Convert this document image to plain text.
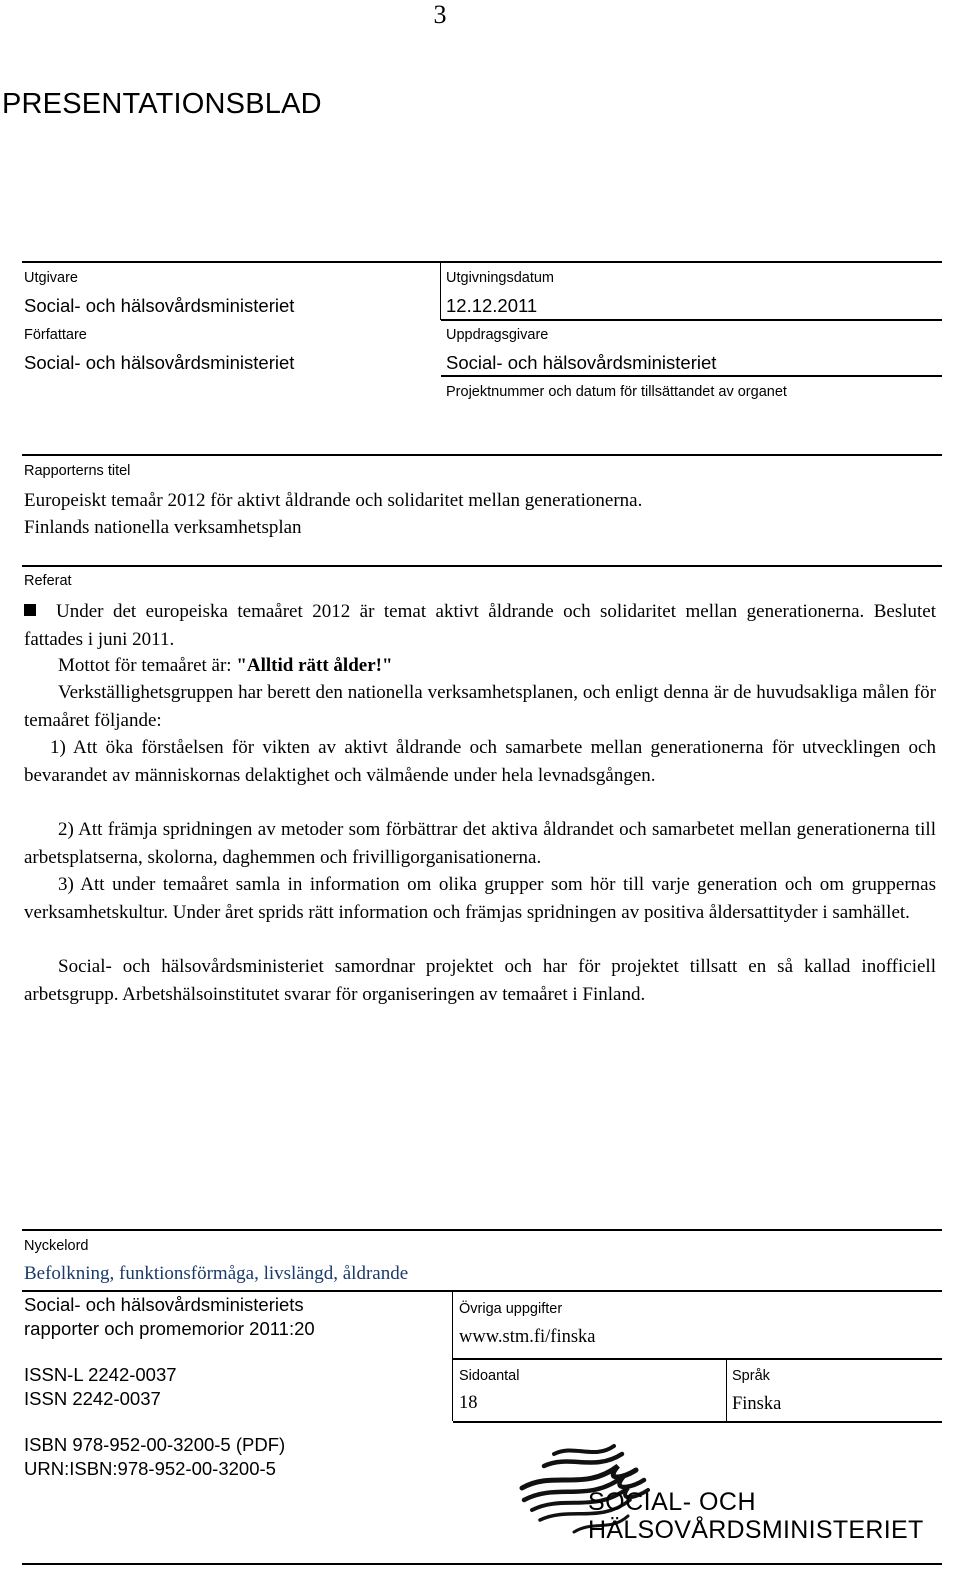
3
PRESENTATIONSBLAD
Utgivare
Social- och hälsovårdsministeriet
Utgivningsdatum
12.12.2011
Författare
Social- och hälsovårdsministeriet
Uppdragsgivare
Social- och hälsovårdsministeriet
Projektnummer och datum för tillsättandet av organet
Rapporterns titel
Europeiskt temaår 2012 för aktivt åldrande och solidaritet mellan generationerna.
Finlands nationella verksamhetsplan
Referat
Under det europeiska temaåret 2012 är temat aktivt åldrande och solidaritet mellan generationerna. Beslutet fattades i juni 2011.
Mottot för temaåret är: "Alltid rätt ålder!"
Verkställighetsgruppen har berett den nationella verksamhetsplanen, och enligt denna är de huvudsakliga målen för temaåret följande:
1) Att öka förståelsen för vikten av aktivt åldrande och samarbete mellan generationerna för utvecklingen och bevarandet av människornas delaktighet och välmående under hela levnadsgången.
2) Att främja spridningen av metoder som förbättrar det aktiva åldrandet och samarbetet mellan generationerna till arbetsplatserna, skolorna, daghemmen och frivilligorganisationerna.
3) Att under temaåret samla in information om olika grupper som hör till varje generation och om gruppernas verksamhetskultur. Under året sprids rätt information och främjas spridningen av positiva åldersattityder i samhället.
Social- och hälsovårdsministeriet samordnar projektet och har för projektet tillsatt en så kallad inofficiell arbetsgrupp. Arbetshälsoinstitutet svarar för organiseringen av temaåret i Finland.
Nyckelord
Befolkning, funktionsförmåga, livslängd, åldrande
Social- och hälsovårdsministeriets
rapporter och promemorior 2011:20
ISSN-L 2242-0037
ISSN 2242-0037
ISBN 978-952-00-3200-5 (PDF)
URN:ISBN:978-952-00-3200-5
Övriga uppgifter
www.stm.fi/finska
Sidoantal
18
Språk
Finska
SOCIAL- OCH
HÄLSOVÅRDSMINISTERIET
